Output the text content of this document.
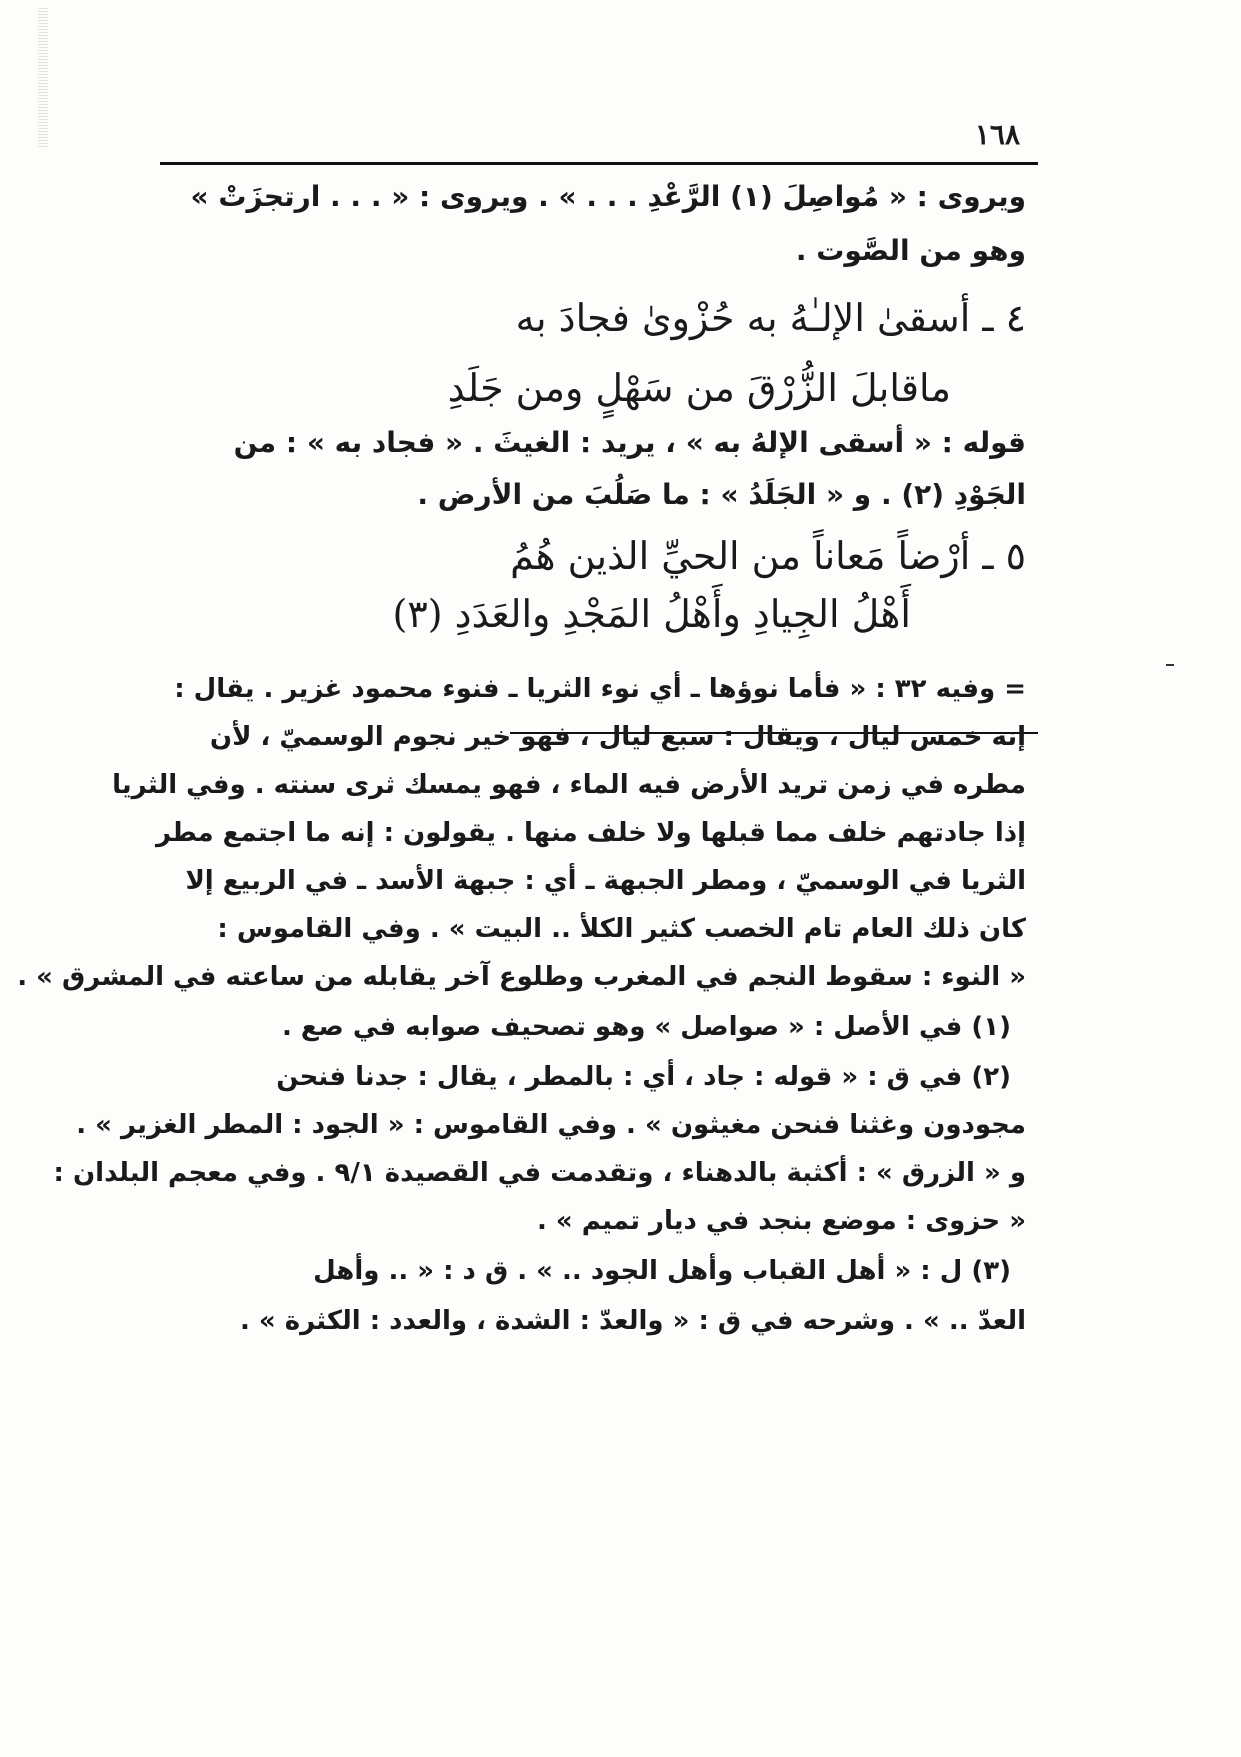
١٦٨
ويروى : « مُواصِلَ (١) الرَّعْدِ . . . » . ويروى : « . . . ارتجزَتْ »
وهو من الصَّوت .
٤ ـ أسقىٰ الإلـٰهُ به حُزْوىٰ فجادَ به
ماقابلَ الزُّرْقَ من سَهْلٍ ومن جَلَدِ
قوله : « أسقى الإلهُ به » ، يريد : الغيثَ . « فجاد به » : من
الجَوْدِ (٢) . و « الجَلَدُ » : ما صَلُبَ من الأرض .
٥ ـ أرْضاً مَعاناً من الحيِّ الذين هُمُ
أَهْلُ الجِيادِ وأَهْلُ المَجْدِ والعَدَدِ (٣)
= وفيه ٣٢ : « فأما نوؤها ـ أي نوء الثريا ـ فنوء محمود غزير . يقال :
إنه خمس ليال ، ويقال : سبع ليال ، فهو خير نجوم الوسميّ ، لأن
مطره في زمن تريد الأرض فيه الماء ، فهو يمسك ثرى سنته . وفي الثريا
إذا جادتهم خلف مما قبلها ولا خلف منها . يقولون : إنه ما اجتمع مطر
الثريا في الوسميّ ، ومطر الجبهة ـ أي : جبهة الأسد ـ في الربيع إلا
كان ذلك العام تام الخصب كثير الكلأ .. البيت » . وفي القاموس :
« النوء : سقوط النجم في المغرب وطلوع آخر يقابله من ساعته في المشرق » .
(١) في الأصل : « صواصل » وهو تصحيف صوابه في صع .
(٢) في ق : « قوله : جاد ، أي : بالمطر ، يقال : جدنا فنحن
مجودون وغثنا فنحن مغيثون » . وفي القاموس : « الجود : المطر الغزير » .
و « الزرق » : أكثبة بالدهناء ، وتقدمت في القصيدة ٩/١ . وفي معجم البلدان :
« حزوى : موضع بنجد في ديار تميم » .
(٣) ل : « أهل القباب وأهل الجود .. » . ق د : « .. وأهل
العدّ .. » . وشرحه في ق : « والعدّ : الشدة ، والعدد : الكثرة » .
